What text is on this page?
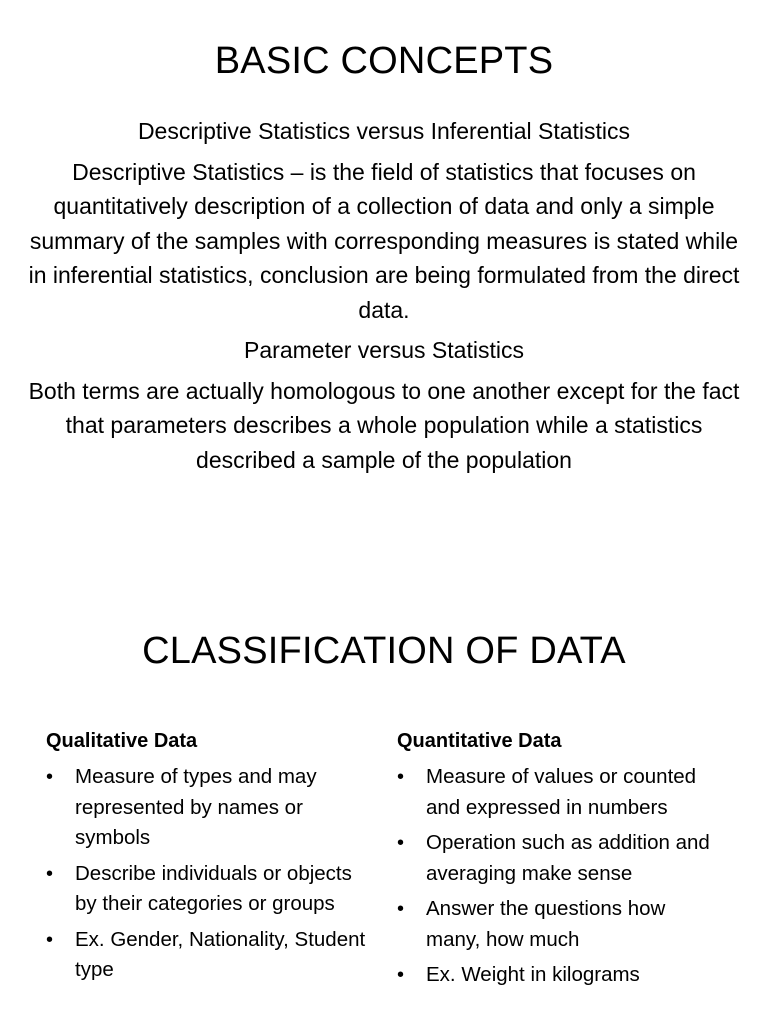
BASIC CONCEPTS

Descriptive Statistics versus Inferential Statistics

Descriptive Statistics – is the field of statistics that focuses on quantitatively description of a collection of data and only a simple summary of the samples with corresponding measures is stated while in inferential statistics, conclusion are being formulated from the direct data.

Parameter versus Statistics

Both terms are actually homologous to one another except for the fact that parameters describes a whole population while a statistics described a sample of the population

CLASSIFICATION OF DATA
Qualitative Data
• Measure of types and may represented by names or symbols
• Describe individuals or objects by their categories or groups
• Ex. Gender, Nationality, Student type
Quantitative Data
• Measure of values or counted and expressed in numbers
• Operation such as addition and averaging make sense
• Answer the questions how many, how much
• Ex. Weight in kilograms
